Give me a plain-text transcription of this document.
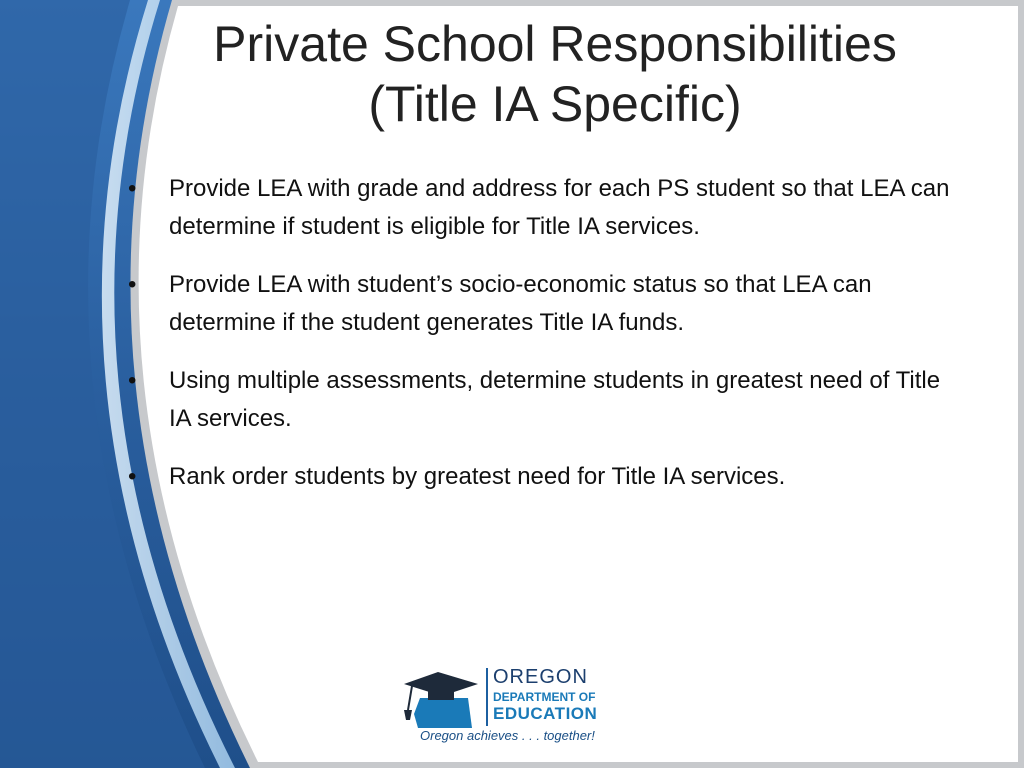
Private School Responsibilities
(Title IA Specific)
• Provide LEA with grade and address for each PS student so that LEA can determine if student is eligible for Title IA services.
• Provide LEA with student’s socio-economic status so that LEA can determine if the student generates Title IA funds.
• Using multiple assessments, determine students in greatest need of Title IA services.
• Rank order students by greatest need for Title IA services.
OREGON
DEPARTMENT OF
EDUCATION
Oregon achieves . . . together!
